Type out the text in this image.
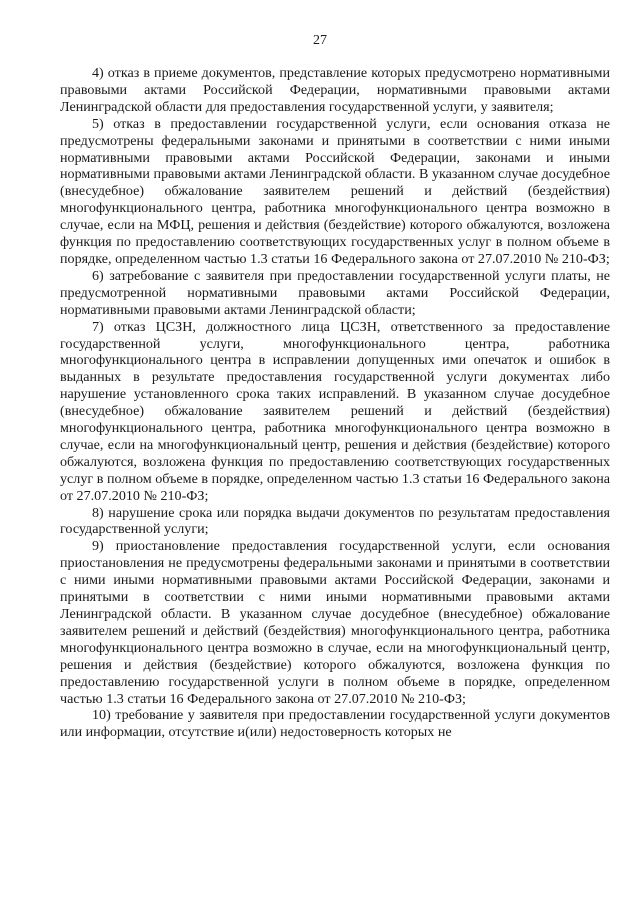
27

4) отказ в приеме документов, представление которых предусмотрено нормативными правовыми актами Российской Федерации, нормативными правовыми актами Ленинградской области для предоставления государственной услуги, у заявителя;

5) отказ в предоставлении государственной услуги, если основания отказа не предусмотрены федеральными законами и принятыми в соответствии с ними иными нормативными правовыми актами Российской Федерации, законами и иными нормативными правовыми актами Ленинградской области. В указанном случае досудебное (внесудебное) обжалование заявителем решений и действий (бездействия) многофункционального центра, работника многофункционального центра возможно в случае, если на МФЦ, решения и действия (бездействие) которого обжалуются, возложена функция по предоставлению соответствующих государственных услуг в полном объеме в порядке, определенном частью 1.3 статьи 16 Федерального закона от 27.07.2010 № 210-ФЗ;

6) затребование с заявителя при предоставлении государственной услуги платы, не предусмотренной нормативными правовыми актами Российской Федерации, нормативными правовыми актами Ленинградской области;

7) отказ ЦСЗН, должностного лица ЦСЗН, ответственного за предоставление государственной услуги, многофункционального центра, работника многофункционального центра в исправлении допущенных ими опечаток и ошибок в выданных в результате предоставления государственной услуги документах либо нарушение установленного срока таких исправлений. В указанном случае досудебное (внесудебное) обжалование заявителем решений и действий (бездействия) многофункционального центра, работника многофункционального центра возможно в случае, если на многофункциональный центр, решения и действия (бездействие) которого обжалуются, возложена функция по предоставлению соответствующих государственных услуг в полном объеме в порядке, определенном частью 1.3 статьи 16 Федерального закона от 27.07.2010 № 210-ФЗ;

8) нарушение срока или порядка выдачи документов по результатам предоставления государственной услуги;

9) приостановление предоставления государственной услуги, если основания приостановления не предусмотрены федеральными законами и принятыми в соответствии с ними иными нормативными правовыми актами Российской Федерации, законами и принятыми в соответствии с ними иными нормативными правовыми актами Ленинградской области. В указанном случае досудебное (внесудебное) обжалование заявителем решений и действий (бездействия) многофункционального центра, работника многофункционального центра возможно в случае, если на многофункциональный центр, решения и действия (бездействие) которого обжалуются, возложена функция по предоставлению государственной услуги в полном объеме в порядке, определенном частью 1.3 статьи 16 Федерального закона от 27.07.2010 № 210-ФЗ;

10) требование у заявителя при предоставлении государственной услуги документов или информации, отсутствие и(или) недостоверность которых не
